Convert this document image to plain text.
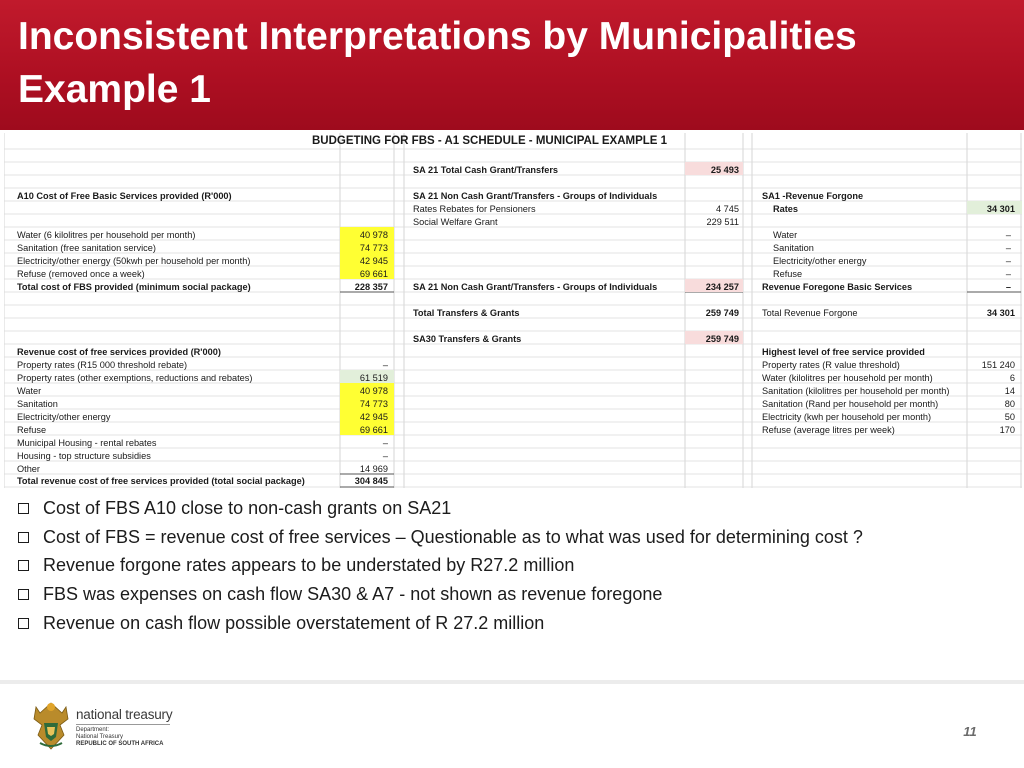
Inconsistent Interpretations by Municipalities
Example 1
BUDGETING FOR FBS - A1 SCHEDULE - MUNICIPAL EXAMPLE 1
A10 Cost of Free Basic Services provided (R'000)
Water (6 kilolitres per household per month)	40 978
Sanitation (free sanitation service)	74 773
Electricity/other energy (50kwh per household per month)	42 945
Refuse (removed once a week)	69 661
Total cost of FBS provided (minimum social package)	228 357
Revenue cost of free services provided (R'000)
Property rates (R15 000 threshold rebate)	–
Property rates (other exemptions, reductions and rebates)	61 519
Water	40 978
Sanitation	74 773
Electricity/other energy	42 945
Refuse	69 661
Municipal Housing - rental rebates	–
Housing - top structure subsidies	–
Other	14 969
Total revenue cost of free services provided (total social package)	304 845
SA 21 Total Cash Grant/Transfers	25 493
SA 21 Non Cash Grant/Transfers - Groups of Individuals
Rates Rebates for Pensioners	4 745
Social Welfare Grant	229 511
SA 21 Non Cash Grant/Transfers - Groups of Individuals	234 257
Total Transfers & Grants	259 749
SA30 Transfers & Grants	259 749
SA1 -Revenue Forgone
Rates	34 301
Water	–
Sanitation	–
Electricity/other energy	–
Refuse	–
Revenue Foregone Basic Services	–
Total Revenue Forgone	34 301
Highest level of free service provided
Property rates (R value threshold)	151 240
Water (kilolitres per household per month)	6
Sanitation (kilolitres per household per month)	14
Sanitation (Rand per household per month)	80
Electricity (kwh per household per month)	50
Refuse (average litres per week)	170
Cost of FBS A10 close to non-cash grants on SA21
Cost of FBS = revenue cost of free services – Questionable as to what was used for determining cost ?
Revenue forgone rates appears to be understated by R27.2 million
FBS was expenses on cash flow SA30 & A7 - not shown as revenue foregone
Revenue on cash flow possible overstatement of R 27.2 million
national treasury
Department:
National Treasury
REPUBLIC OF SOUTH AFRICA
11
